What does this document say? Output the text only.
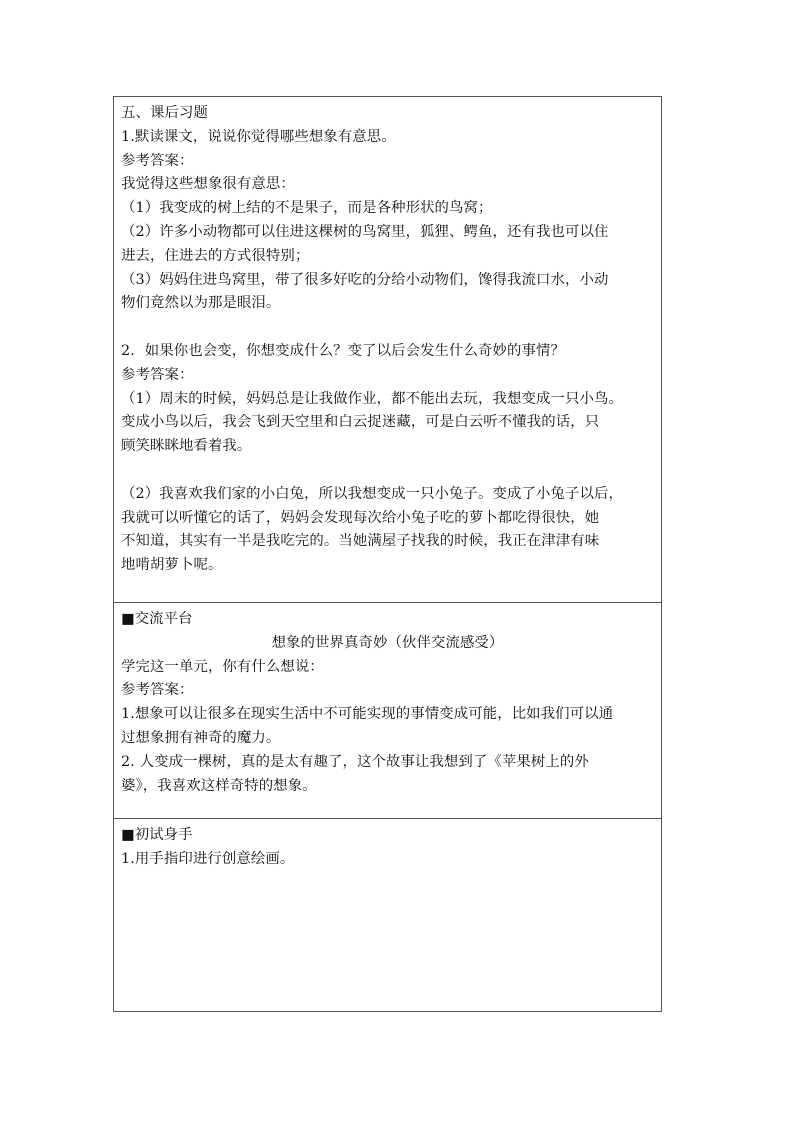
五、课后习题
1.默读课文，说说你觉得哪些想象有意思。
参考答案：
我觉得这些想象很有意思：
（1）我变成的树上结的不是果子，而是各种形状的鸟窝；
（2）许多小动物都可以住进这棵树的鸟窝里，狐狸、鳄鱼，还有我也可以住
进去，住进去的方式很特别；
（3）妈妈住进鸟窝里，带了很多好吃的分给小动物们，馋得我流口水，小动
物们竟然以为那是眼泪。
2．如果你也会变，你想变成什么？变了以后会发生什么奇妙的事情？
参考答案：
（1）周末的时候，妈妈总是让我做作业，都不能出去玩，我想变成一只小鸟。
变成小鸟以后，我会飞到天空里和白云捉迷藏，可是白云听不懂我的话，只
顾笑眯眯地看着我。
（2）我喜欢我们家的小白兔，所以我想变成一只小兔子。变成了小兔子以后，
我就可以听懂它的话了，妈妈会发现每次给小兔子吃的萝卜都吃得很快，她
不知道，其实有一半是我吃完的。当她满屋子找我的时候，我正在津津有味
地啃胡萝卜呢。
■交流平台
想象的世界真奇妙（伙伴交流感受）
学完这一单元，你有什么想说：
参考答案：
1.想象可以让很多在现实生活中不可能实现的事情变成可能，比如我们可以通
过想象拥有神奇的魔力。
2. 人变成一棵树，真的是太有趣了，这个故事让我想到了《苹果树上的外
婆》，我喜欢这样奇特的想象。
■初试身手
1.用手指印进行创意绘画。
